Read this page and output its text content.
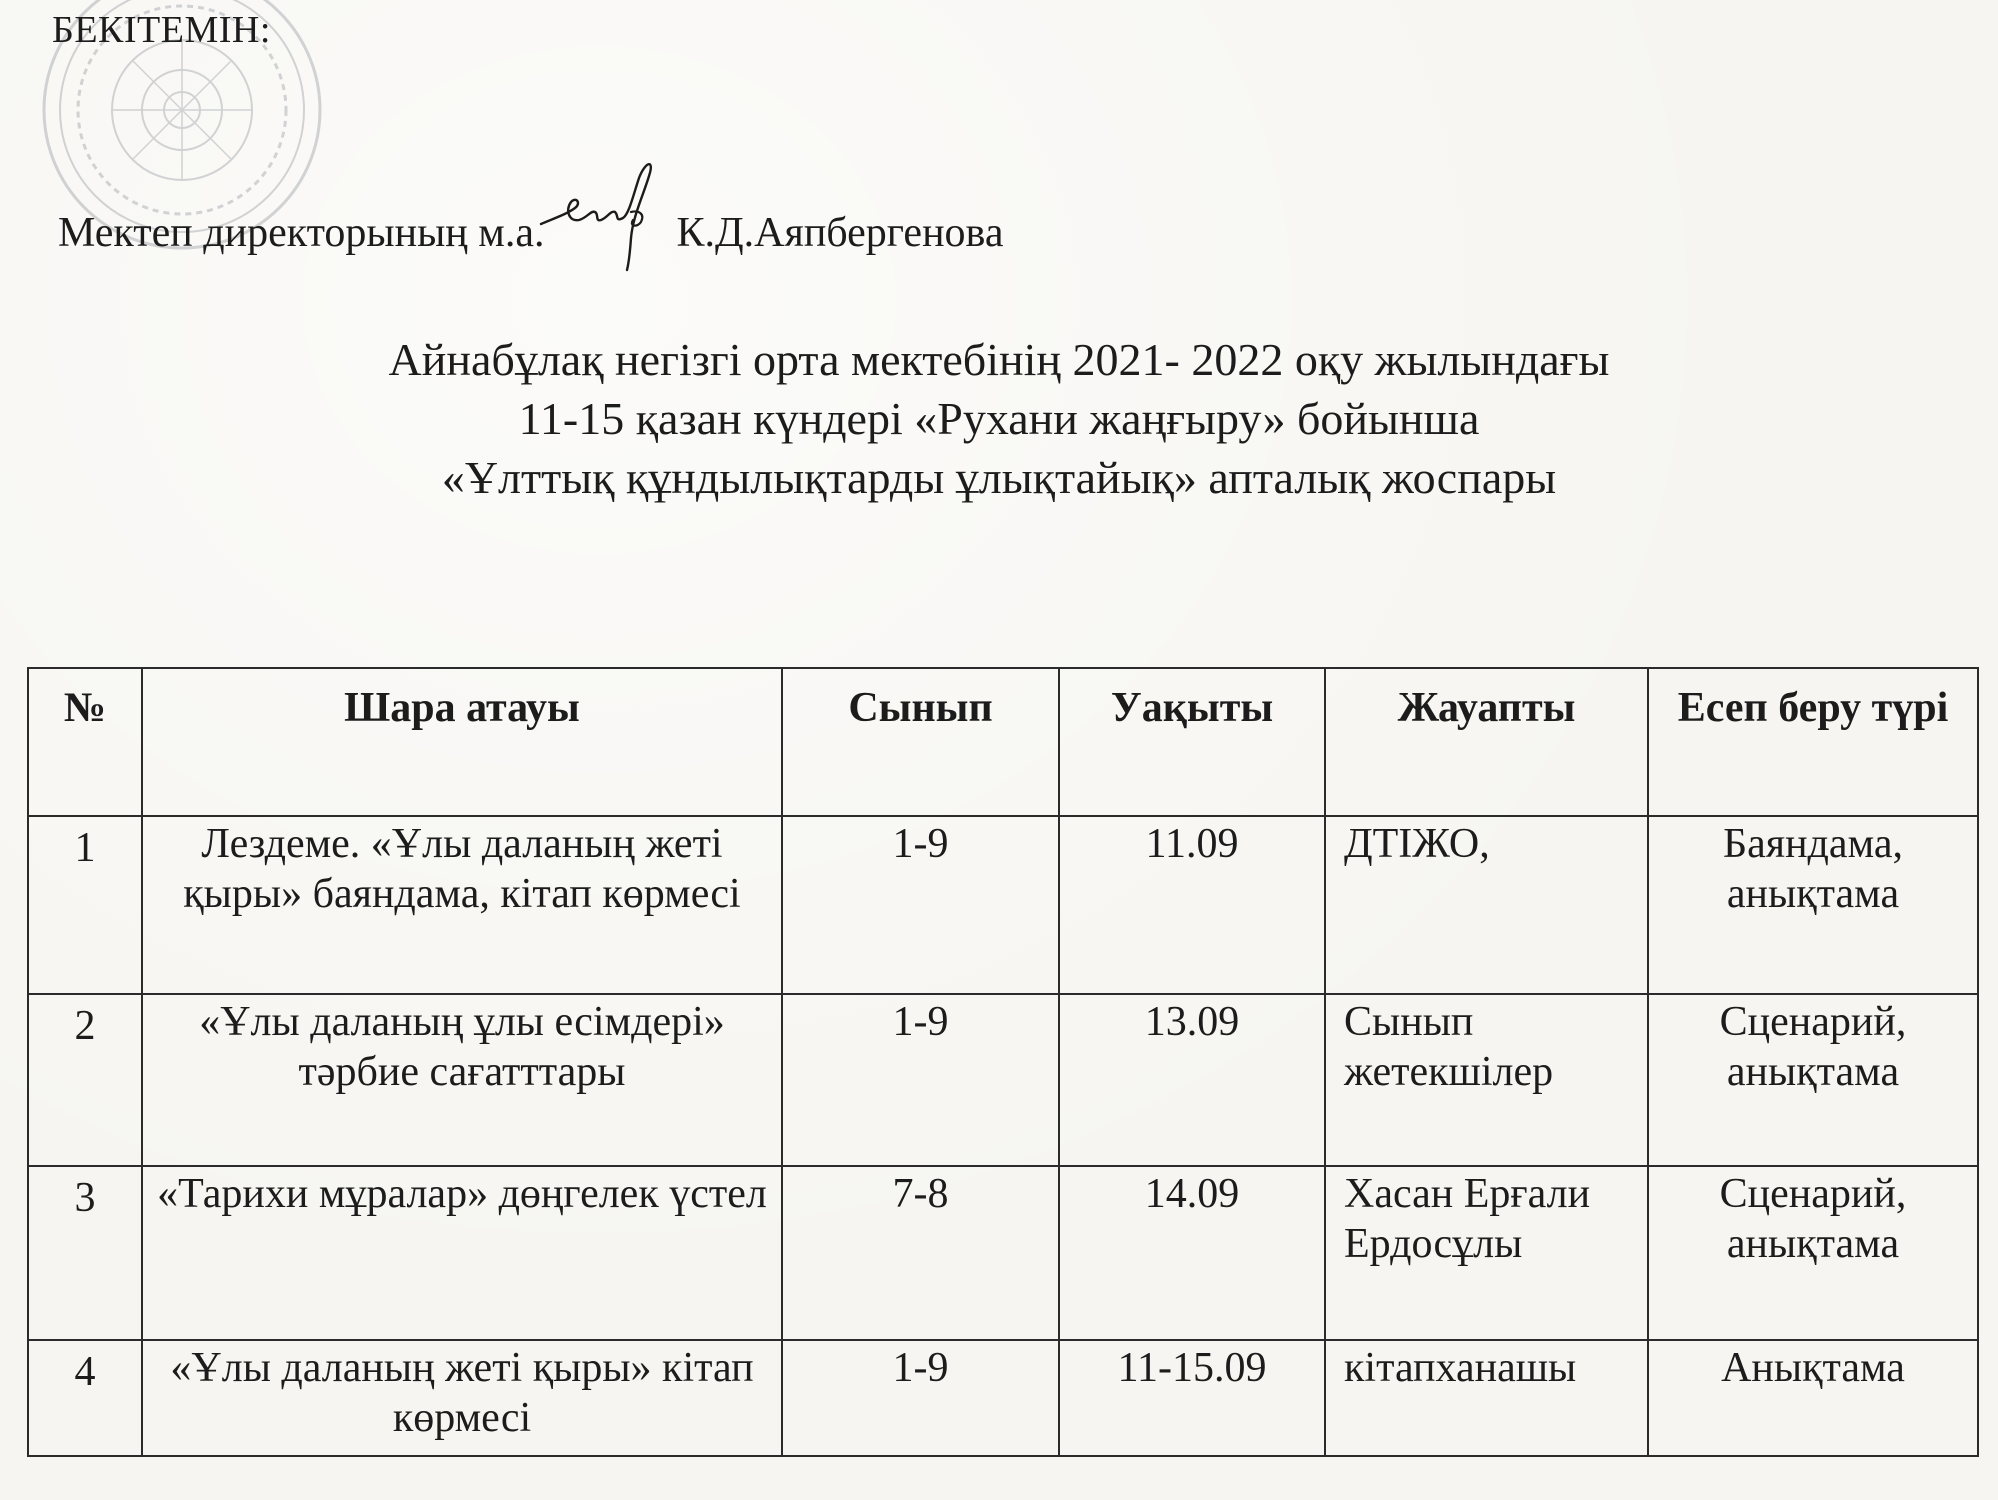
БЕКІТЕМІН:
Мектеп директорының м.а.	К.Д.Аяпбергенова
Айнабұлақ негізгі орта мектебінің 2021- 2022 оқу жылындағы
11-15 қазан күндері «Рухани жаңғыру» бойынша
«Ұлттық құндылықтарды ұлықтайық» апталық жоспары
№	Шара атауы	Сынып	Уақыты	Жауапты	Есеп беру түрі
1	Лездеме. «Ұлы даланың жеті қыры» баяндама, кітап көрмесі	1-9	11.09	ДТІЖО,	Баяндама, анықтама
2	«Ұлы даланың ұлы есімдері» тәрбие сағатттары	1-9	13.09	Сынып жетекшілер	Сценарий, анықтама
3	«Тарихи мұралар» дөңгелек үстел	7-8	14.09	Хасан Ерғали Ердосұлы	Сценарий, анықтама
4	«Ұлы даланың жеті қыры» кітап көрмесі	1-9	11-15.09	кітапханашы	Анықтама
